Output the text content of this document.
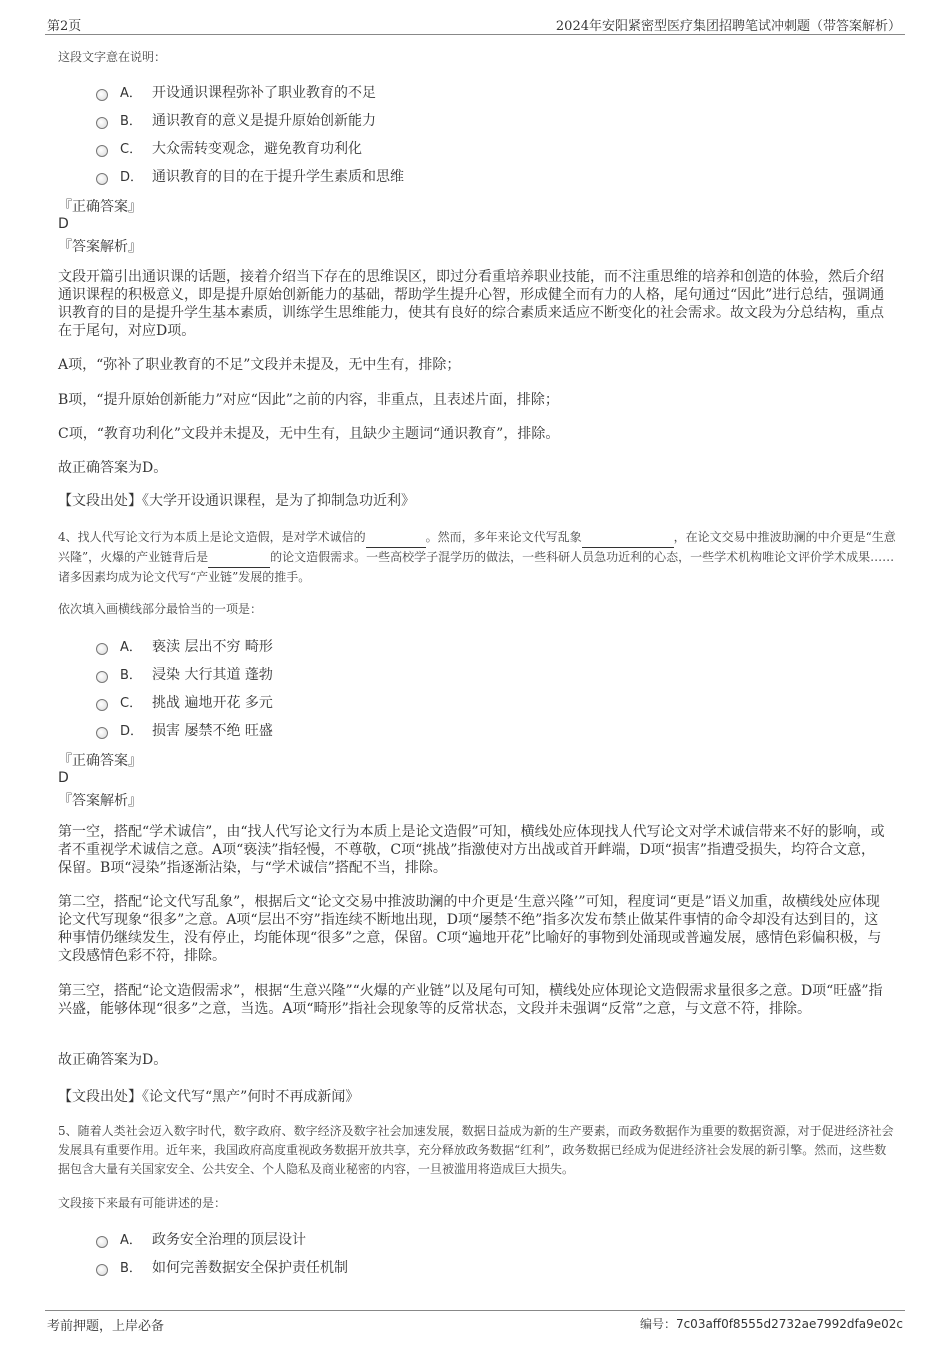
第2页	2024年安阳紧密型医疗集团招聘笔试冲刺题（带答案解析）
这段文字意在说明：
A． 开设通识课程弥补了职业教育的不足
B． 通识教育的意义是提升原始创新能力
C． 大众需转变观念，避免教育功利化
D． 通识教育的目的在于提升学生素质和思维
『正确答案』
D
『答案解析』
文段开篇引出通识课的话题，接着介绍当下存在的思维误区，即过分看重培养职业技能，而不注重思维的培养和创造的体验，然后介绍通识课程的积极意义，即是提升原始创新能力的基础，帮助学生提升心智，形成健全而有力的人格，尾句通过“因此”进行总结，强调通识教育的目的是提升学生基本素质，训练学生思维能力，使其有良好的综合素质来适应不断变化的社会需求。故文段为分总结构，重点在于尾句，对应D项。
A项，“弥补了职业教育的不足”文段并未提及，无中生有，排除；
B项，“提升原始创新能力”对应“因此”之前的内容，非重点，且表述片面，排除；
C项，“教育功利化”文段并未提及，无中生有，且缺少主题词“通识教育”，排除。
故正确答案为D。
【文段出处】《大学开设通识课程，是为了抑制急功近利》
4、找人代写论文行为本质上是论文造假，是对学术诚信的	。然而，多年来论文代写乱象	，在论文交易中推波助澜的中介更是“生意兴隆”，火爆的产业链背后是	的论文造假需求。一些高校学子混学历的做法，一些科研人员急功近利的心态，一些学术机构唯论文评价学术成果……诸多因素均成为论文代写“产业链”发展的推手。
依次填入画横线部分最恰当的一项是：
A． 亵渎 层出不穷 畸形
B． 浸染 大行其道 蓬勃
C． 挑战 遍地开花 多元
D． 损害 屡禁不绝 旺盛
『正确答案』
D
『答案解析』
第一空，搭配“学术诚信”，由“找人代写论文行为本质上是论文造假”可知，横线处应体现找人代写论文对学术诚信带来不好的影响，或者不重视学术诚信之意。A项“亵渎”指轻慢，不尊敬，C项“挑战”指激使对方出战或首开衅端，D项“损害”指遭受损失，均符合文意，保留。B项“浸染”指逐渐沾染，与“学术诚信”搭配不当，排除。
第二空，搭配“论文代写乱象”，根据后文“论文交易中推波助澜的中介更是‘生意兴隆’”可知，程度词“更是”语义加重，故横线处应体现论文代写现象“很多”之意。A项“层出不穷”指连续不断地出现，D项“屡禁不绝”指多次发布禁止做某件事情的命令却没有达到目的，这种事情仍继续发生，没有停止，均能体现“很多”之意，保留。C项“遍地开花”比喻好的事物到处涌现或普遍发展，感情色彩偏积极，与文段感情色彩不符，排除。
第三空，搭配“论文造假需求”，根据“生意兴隆”“火爆的产业链”以及尾句可知，横线处应体现论文造假需求量很多之意。D项“旺盛”指兴盛，能够体现“很多”之意，当选。A项“畸形”指社会现象等的反常状态，文段并未强调“反常”之意，与文意不符，排除。
故正确答案为D。
【文段出处】《论文代写“黑产”何时不再成新闻》
5、随着人类社会迈入数字时代，数字政府、数字经济及数字社会加速发展，数据日益成为新的生产要素，而政务数据作为重要的数据资源，对于促进经济社会发展具有重要作用。近年来，我国政府高度重视政务数据开放共享，充分释放政务数据“红利”，政务数据已经成为促进经济社会发展的新引擎。然而，这些数据包含大量有关国家安全、公共安全、个人隐私及商业秘密的内容，一旦被滥用将造成巨大损失。
文段接下来最有可能讲述的是：
A． 政务安全治理的顶层设计
B． 如何完善数据安全保护责任机制
考前押题，上岸必备	编号：7c03aff0f8555d2732ae7992dfa9e02c
